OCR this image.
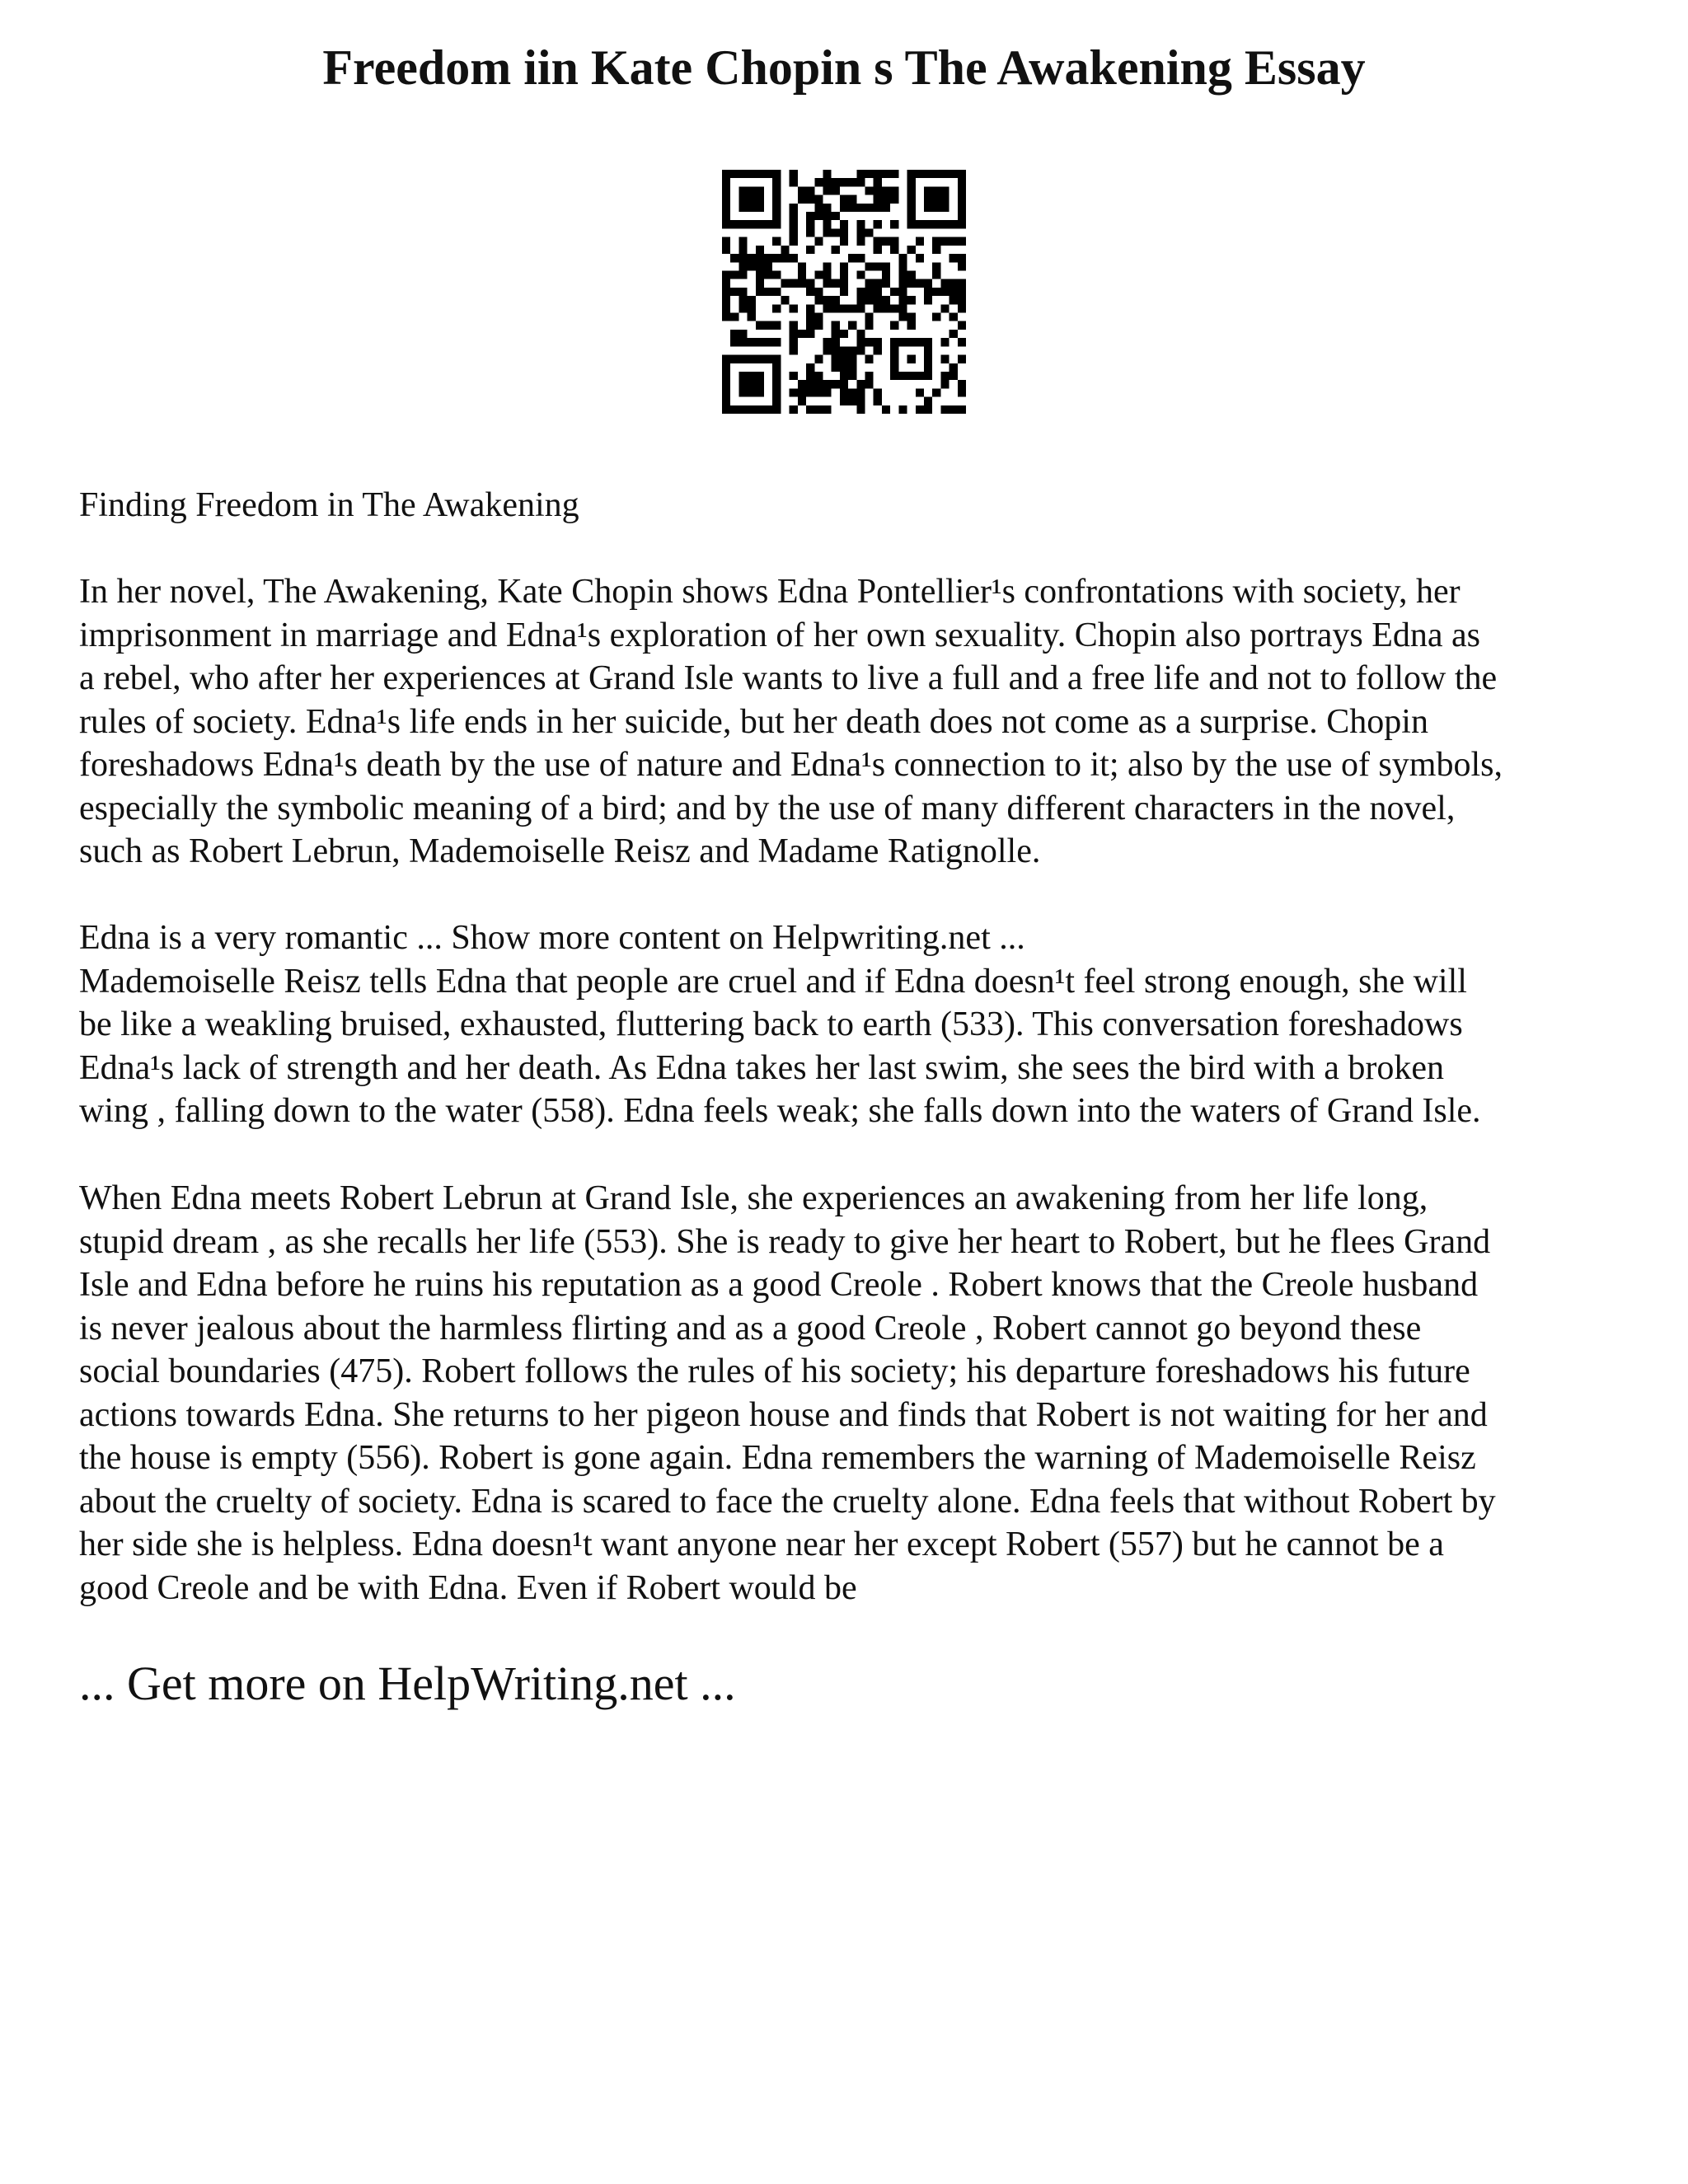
Freedom iin Kate Chopin s The Awakening Essay

Finding Freedom in The Awakening

In her novel, The Awakening, Kate Chopin shows Edna Pontellier¹s confrontations with society, her
imprisonment in marriage and Edna¹s exploration of her own sexuality. Chopin also portrays Edna as
a rebel, who after her experiences at Grand Isle wants to live a full and a free life and not to follow the
rules of society. Edna¹s life ends in her suicide, but her death does not come as a surprise. Chopin
foreshadows Edna¹s death by the use of nature and Edna¹s connection to it; also by the use of symbols,
especially the symbolic meaning of a bird; and by the use of many different characters in the novel,
such as Robert Lebrun, Mademoiselle Reisz and Madame Ratignolle.
Edna is a very romantic ... Show more content on Helpwriting.net ...
Mademoiselle Reisz tells Edna that people are cruel and if Edna doesn¹t feel strong enough, she will
be like a weakling bruised, exhausted, fluttering back to earth (533). This conversation foreshadows
Edna¹s lack of strength and her death. As Edna takes her last swim, she sees the bird with a broken
wing , falling down to the water (558). Edna feels weak; she falls down into the waters of Grand Isle.
When Edna meets Robert Lebrun at Grand Isle, she experiences an awakening from her life long,
stupid dream , as she recalls her life (553). She is ready to give her heart to Robert, but he flees Grand
Isle and Edna before he ruins his reputation as a good Creole . Robert knows that the Creole husband
is never jealous about the harmless flirting and as a good Creole , Robert cannot go beyond these
social boundaries (475). Robert follows the rules of his society; his departure foreshadows his future
actions towards Edna. She returns to her pigeon house and finds that Robert is not waiting for her and
the house is empty (556). Robert is gone again. Edna remembers the warning of Mademoiselle Reisz
about the cruelty of society. Edna is scared to face the cruelty alone. Edna feels that without Robert by
her side she is helpless. Edna doesn¹t want anyone near her except Robert (557) but he cannot be a
good Creole and be with Edna. Even if Robert would be

... Get more on HelpWriting.net ...
